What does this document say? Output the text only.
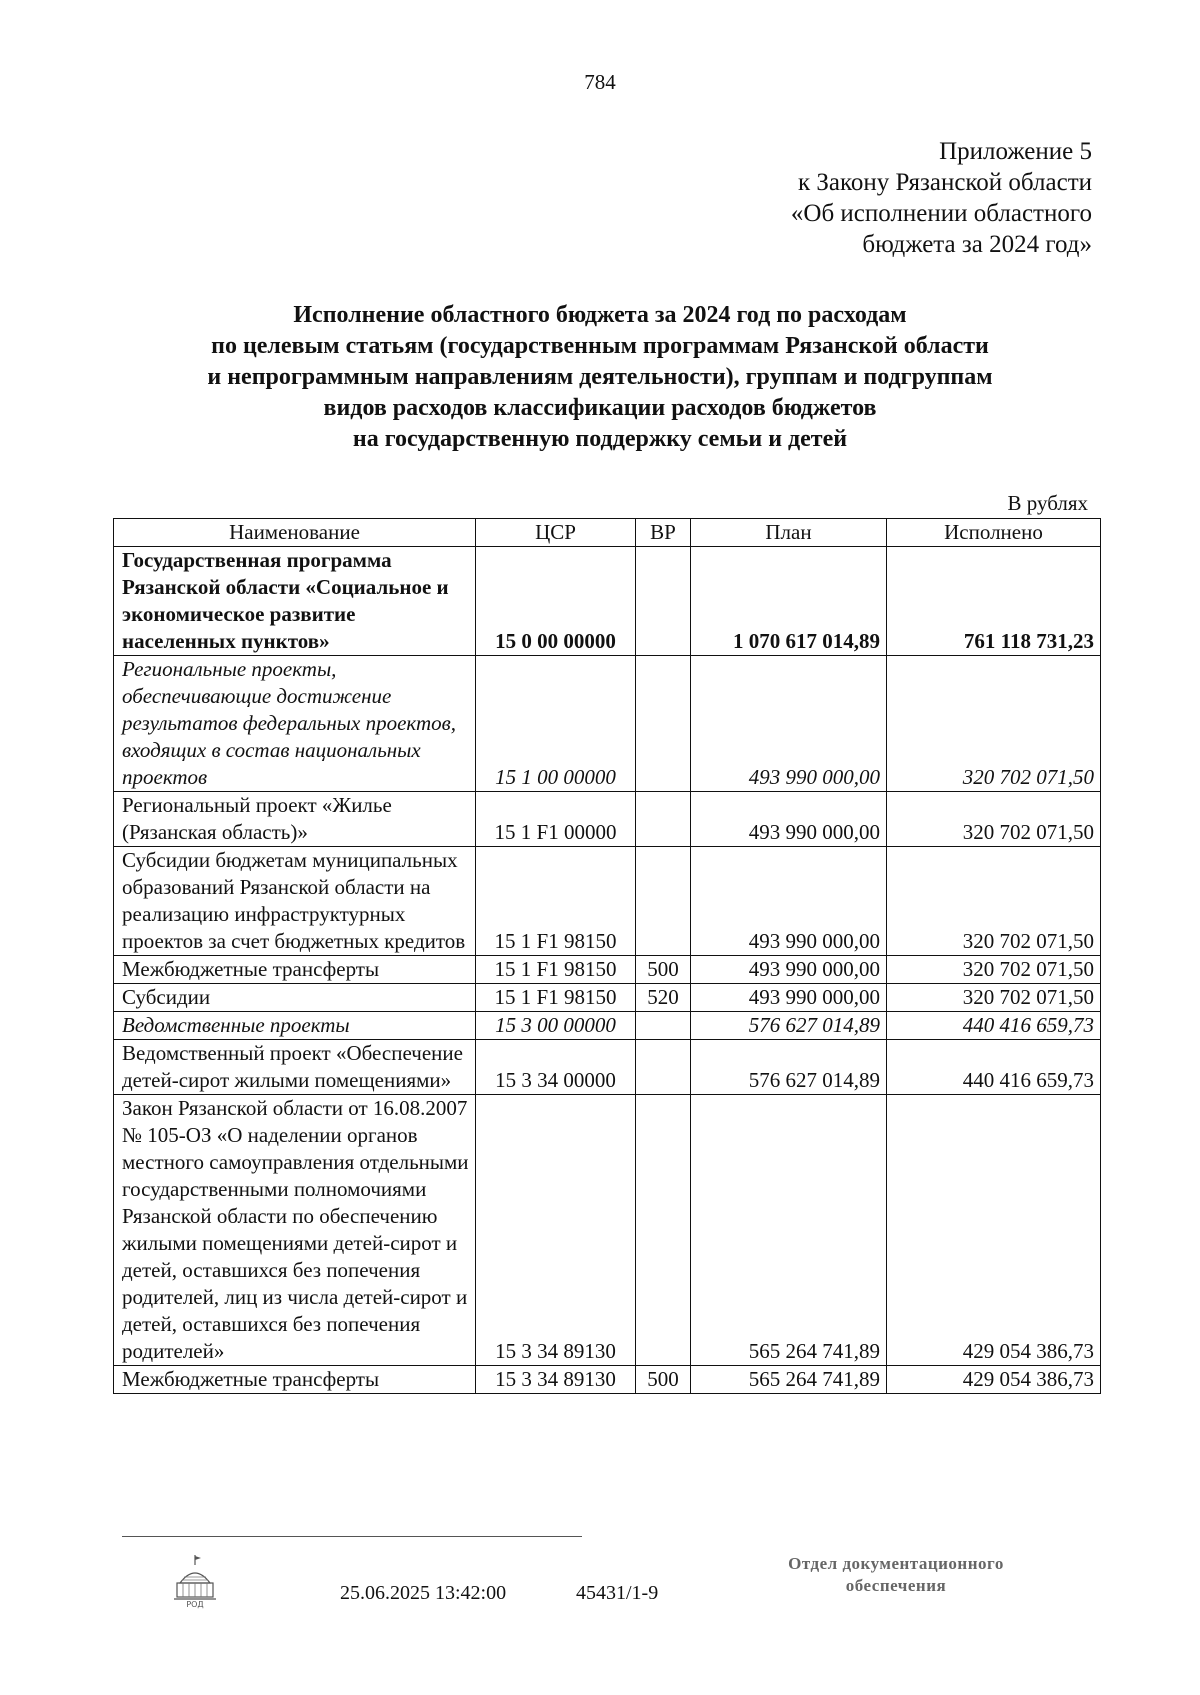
784
Приложение 5
к Закону Рязанской области
«Об исполнении областного
бюджета за 2024 год»
Исполнение областного бюджета за 2024 год по расходам
по целевым статьям (государственным программам Рязанской области
и непрограммным направлениям деятельности), группам и подгруппам
видов расходов классификации расходов бюджетов
на государственную поддержку семьи и детей
В рублях
Наименование	ЦСР	ВР	План	Исполнено
Государственная программа Рязанской области «Социальное и экономическое развитие населенных пунктов»	15 0 00 00000		1 070 617 014,89	761 118 731,23
Региональные проекты, обеспечивающие достижение результатов федеральных проектов, входящих в состав национальных проектов	15 1 00 00000		493 990 000,00	320 702 071,50
Региональный проект «Жилье (Рязанская область)»	15 1 F1 00000		493 990 000,00	320 702 071,50
Субсидии бюджетам муниципальных образований Рязанской области на реализацию инфраструктурных проектов за счет бюджетных кредитов	15 1 F1 98150		493 990 000,00	320 702 071,50
Межбюджетные трансферты	15 1 F1 98150	500	493 990 000,00	320 702 071,50
Субсидии	15 1 F1 98150	520	493 990 000,00	320 702 071,50
Ведомственные проекты	15 3 00 00000		576 627 014,89	440 416 659,73
Ведомственный проект «Обеспечение детей-сирот жилыми помещениями»	15 3 34 00000		576 627 014,89	440 416 659,73
Закон Рязанской области от 16.08.2007 № 105-ОЗ «О наделении органов местного самоуправления отдельными государственными полномочиями Рязанской области по обеспечению жилыми помещениями детей-сирот и детей, оставшихся без попечения родителей, лиц из числа детей-сирот и детей, оставшихся без попечения родителей»	15 3 34 89130		565 264 741,89	429 054 386,73
Межбюджетные трансферты	15 3 34 89130	500	565 264 741,89	429 054 386,73
РОД
25.06.2025 13:42:00	45431/1-9
Отдел документационного
обеспечения
